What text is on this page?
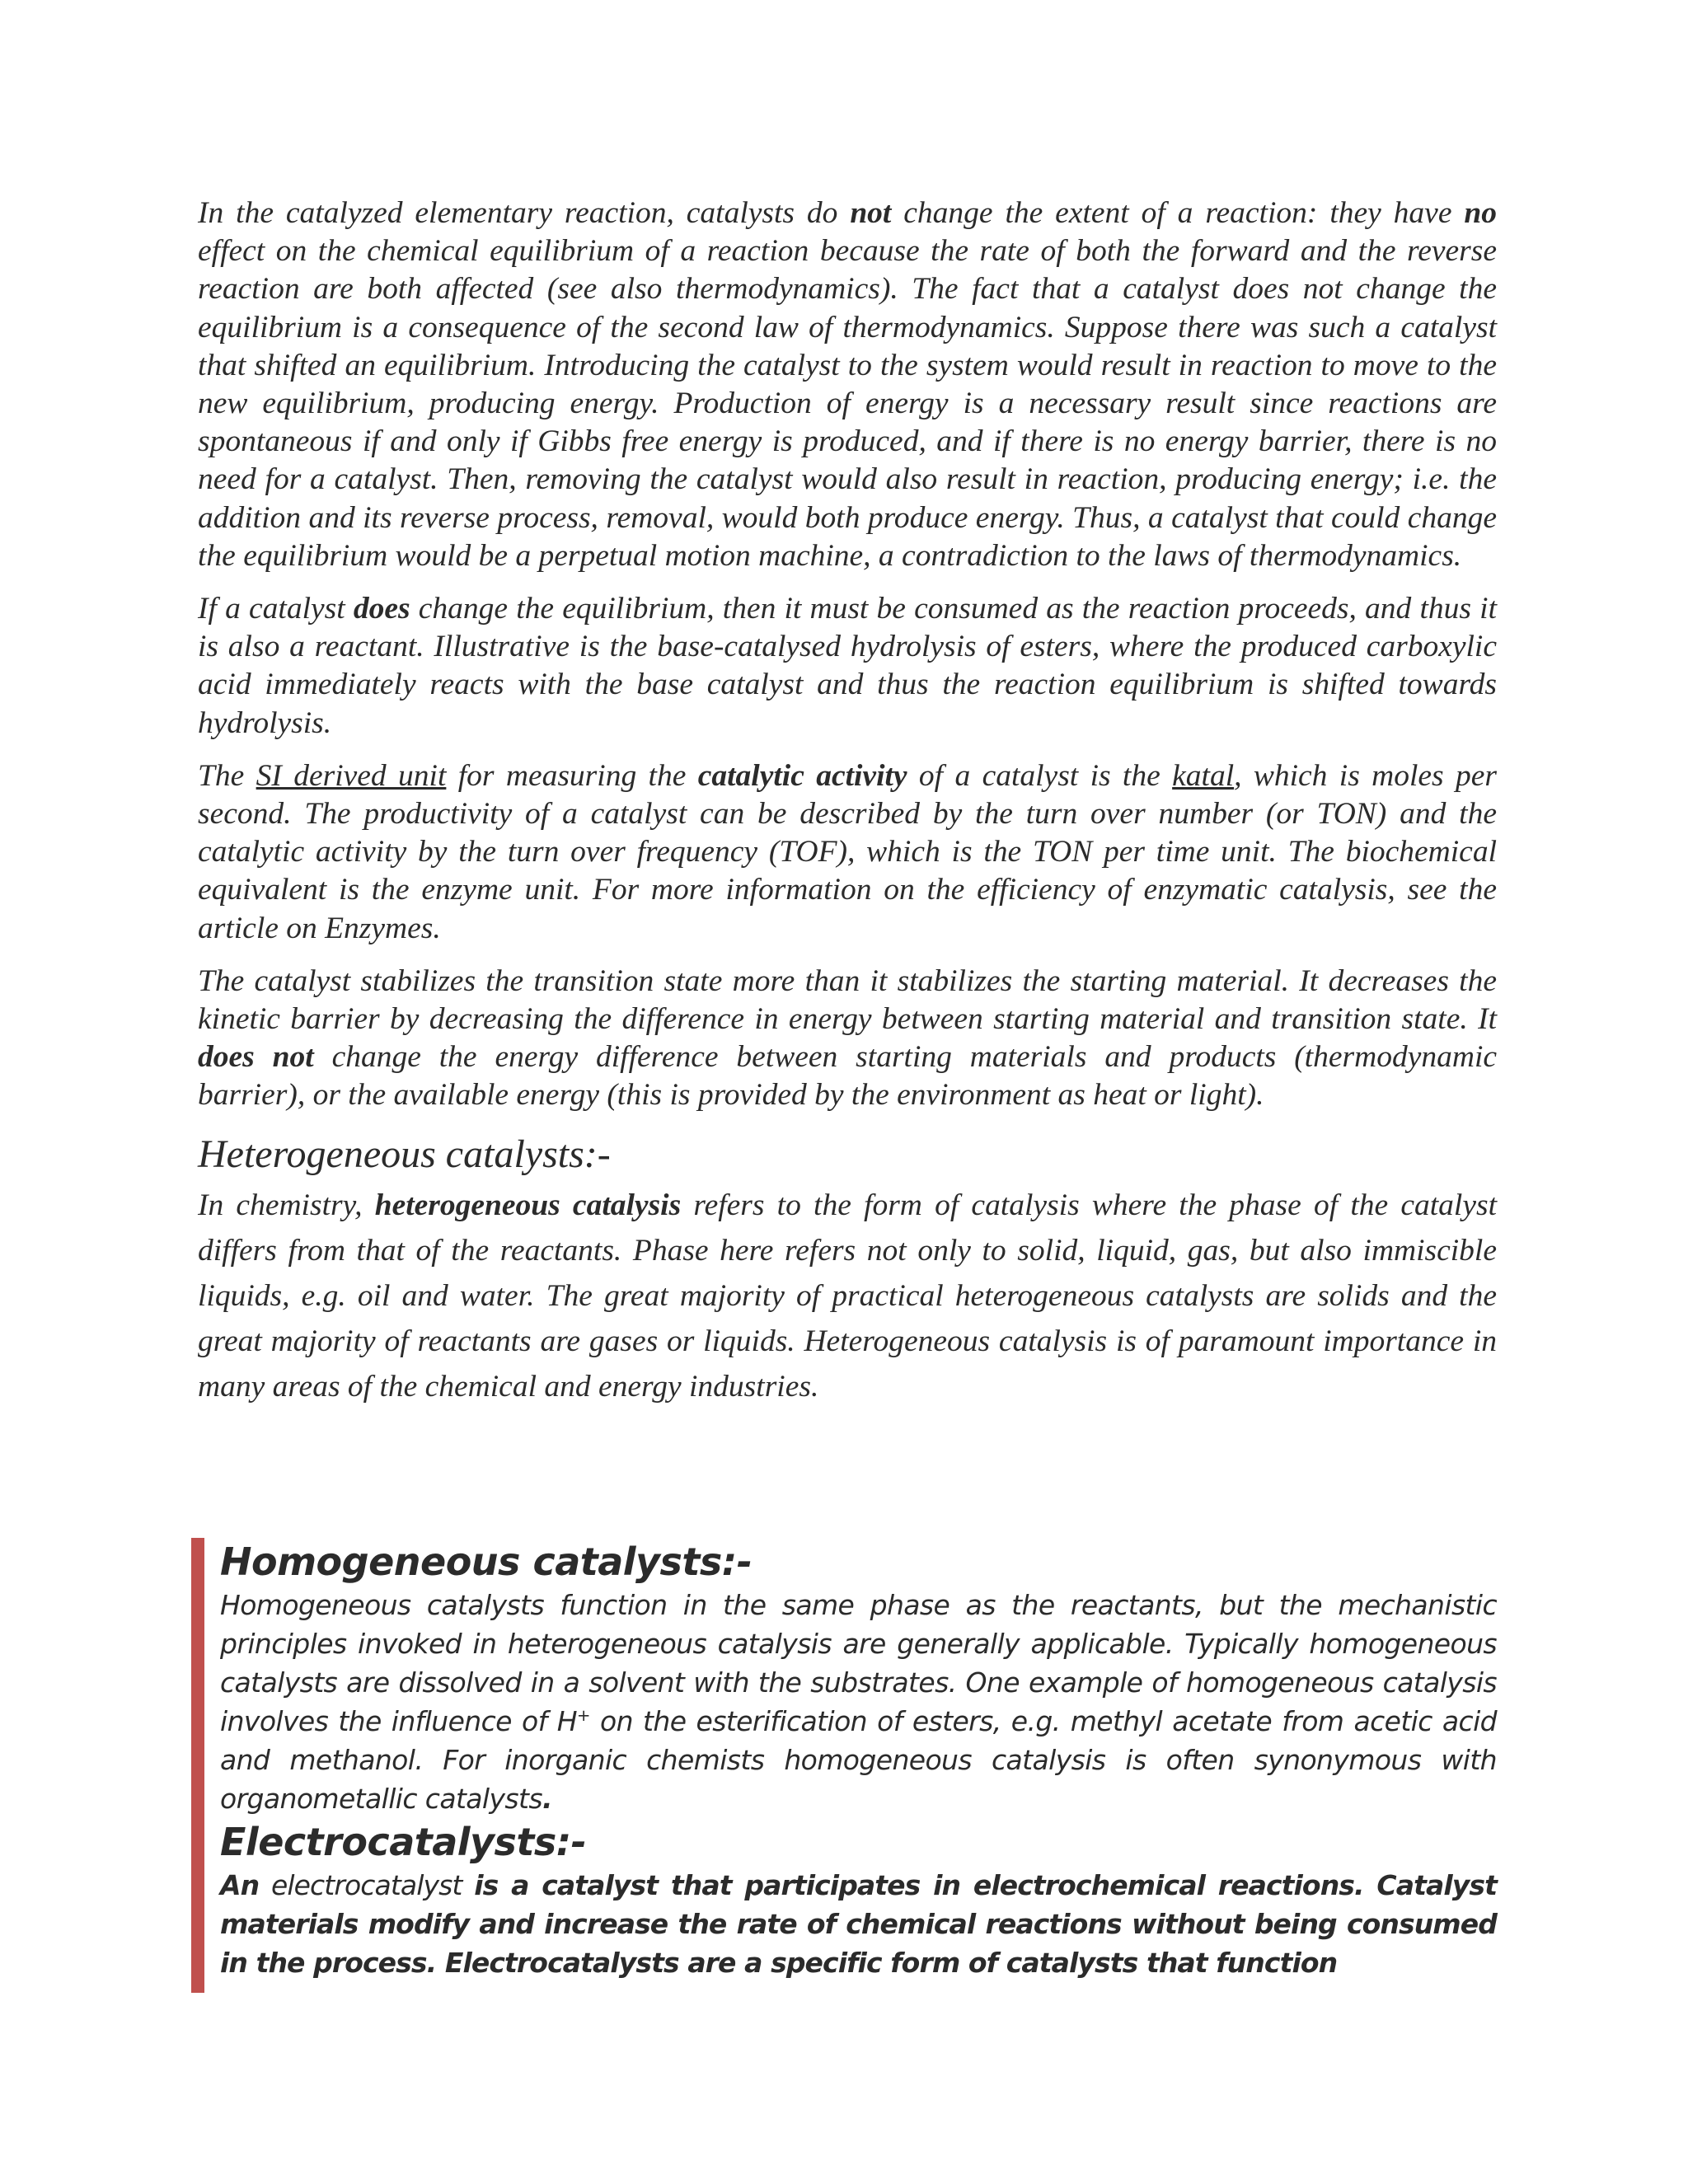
In the catalyzed elementary reaction, catalysts do not change the extent of a reaction: they have no effect on the chemical equilibrium of a reaction because the rate of both the forward and the reverse reaction are both affected (see also thermodynamics). The fact that a catalyst does not change the equilibrium is a consequence of the second law of thermodynamics. Suppose there was such a catalyst that shifted an equilibrium. Introducing the catalyst to the system would result in reaction to move to the new equilibrium, producing energy. Production of energy is a necessary result since reactions are spontaneous if and only if Gibbs free energy is produced, and if there is no energy barrier, there is no need for a catalyst. Then, removing the catalyst would also result in reaction, producing energy; i.e. the addition and its reverse process, removal, would both produce energy. Thus, a catalyst that could change the equilibrium would be a perpetual motion machine, a contradiction to the laws of thermodynamics.

If a catalyst does change the equilibrium, then it must be consumed as the reaction proceeds, and thus it is also a reactant. Illustrative is the base-catalysed hydrolysis of esters, where the produced carboxylic acid immediately reacts with the base catalyst and thus the reaction equilibrium is shifted towards hydrolysis.

The SI derived unit for measuring the catalytic activity of a catalyst is the katal, which is moles per second. The productivity of a catalyst can be described by the turn over number (or TON) and the catalytic activity by the turn over frequency (TOF), which is the TON per time unit. The biochemical equivalent is the enzyme unit. For more information on the efficiency of enzymatic catalysis, see the article on Enzymes.

The catalyst stabilizes the transition state more than it stabilizes the starting material. It decreases the kinetic barrier by decreasing the difference in energy between starting material and transition state. It does not change the energy difference between starting materials and products (thermodynamic barrier), or the available energy (this is provided by the environment as heat or light).

Heterogeneous catalysts:-

In chemistry, heterogeneous catalysis refers to the form of catalysis where the phase of the catalyst differs from that of the reactants. Phase here refers not only to solid, liquid, gas, but also immiscible liquids, e.g. oil and water. The great majority of practical heterogeneous catalysts are solids and the great majority of reactants are gases or liquids. Heterogeneous catalysis is of paramount importance in many areas of the chemical and energy industries.

Homogeneous catalysts:-

Homogeneous catalysts function in the same phase as the reactants, but the mechanistic principles invoked in heterogeneous catalysis are generally applicable. Typically homogeneous catalysts are dissolved in a solvent with the substrates. One example of homogeneous catalysis involves the influence of H+ on the esterification of esters, e.g. methyl acetate from acetic acid and methanol. For inorganic chemists homogeneous catalysis is often synonymous with organometallic catalysts.

Electrocatalysts:-

An electrocatalyst is a catalyst that participates in electrochemical reactions. Catalyst materials modify and increase the rate of chemical reactions without being consumed in the process. Electrocatalysts are a specific form of catalysts that function
